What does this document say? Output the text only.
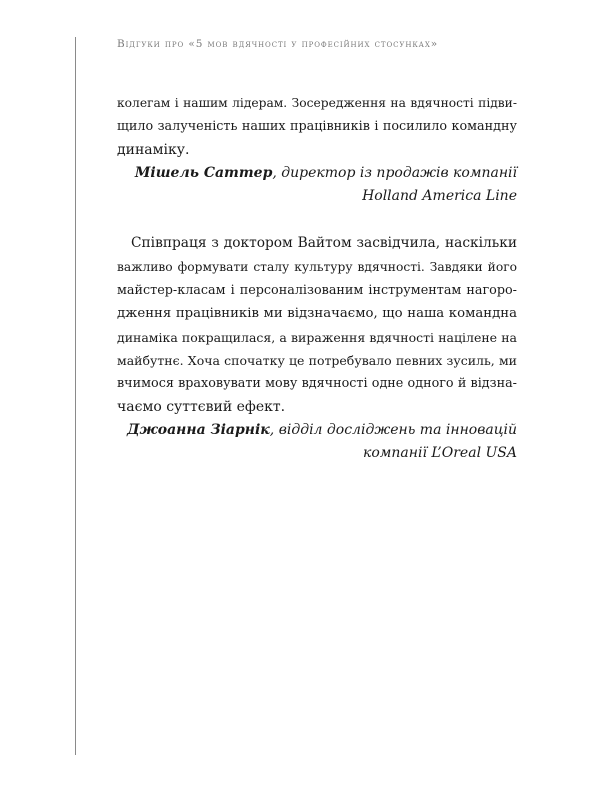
Відгуки про «5 мов вдячності у професійних стосунках»
колегам і нашим лідерам. Зосередження на вдячності підви-
щило залученість наших працівників і посилило командну
динаміку.
Мішель Саттер, директор із продажів компанії
Holland America Line
Співпраця з доктором Вайтом засвідчила, наскільки
важливо формувати сталу культуру вдячності. Завдяки його
майстер-класам і персоналізованим інструментам нагоро-
дження працівників ми відзначаємо, що наша командна
динаміка покращилася, а вираження вдячності націлене на
майбутнє. Хоча спочатку це потребувало певних зусиль, ми
вчимося враховувати мову вдячності одне одного й відзна-
чаємо суттєвий ефект.
Джоанна Зіарнік, відділ досліджень та інновацій
компанії L’Oreal USA
